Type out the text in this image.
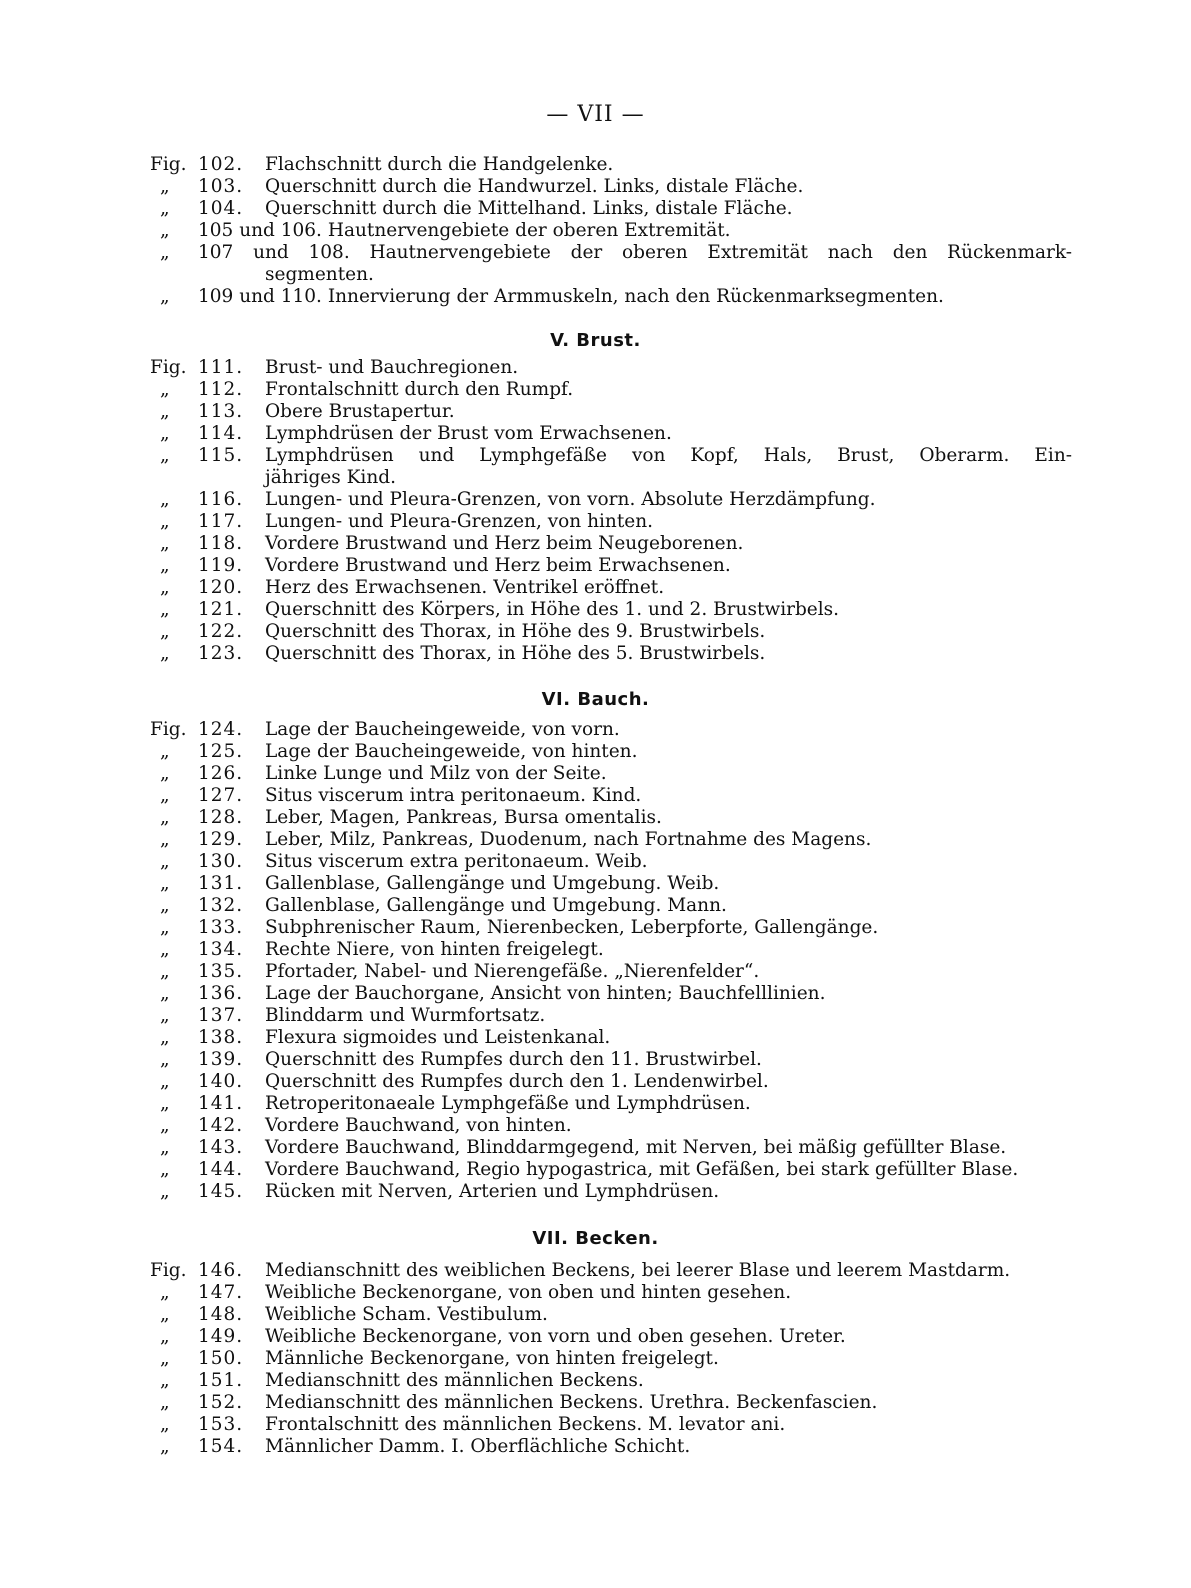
— VII —
Fig. 102. Flachschnitt durch die Handgelenke.
„	103. Querschnitt durch die Handwurzel. Links, distale Fläche.
„	104. Querschnitt durch die Mittelhand. Links, distale Fläche.
„	105 und 106. Hautnervengebiete der oberen Extremität.
„	107 und 108. Hautnervengebiete der oberen Extremität nach den Rückenmark-
segmenten.
„	109 und 110. Innervierung der Armmuskeln, nach den Rückenmarksegmenten.
Fig. 111. Brust- und Bauchregionen.
„	112. Frontalschnitt durch den Rumpf.
„	113. Obere Brustapertur.
„	114. Lymphdrüsen der Brust vom Erwachsenen.
„	115. Lymphdrüsen und Lymphgefäße von Kopf, Hals, Brust, Oberarm. Ein-
jähriges Kind.
„	116. Lungen- und Pleura-Grenzen, von vorn. Absolute Herzdämpfung.
„	117. Lungen- und Pleura-Grenzen, von hinten.
„	118. Vordere Brustwand und Herz beim Neugeborenen.
„	119. Vordere Brustwand und Herz beim Erwachsenen.
„	120. Herz des Erwachsenen. Ventrikel eröffnet.
„	121. Querschnitt des Körpers, in Höhe des 1. und 2. Brustwirbels.
„	122. Querschnitt des Thorax, in Höhe des 9. Brustwirbels.
„	123. Querschnitt des Thorax, in Höhe des 5. Brustwirbels.
Fig. 124. Lage der Baucheingeweide, von vorn.
„	125. Lage der Baucheingeweide, von hinten.
„	126. Linke Lunge und Milz von der Seite.
„	127. Situs viscerum intra peritonaeum. Kind.
„	128. Leber, Magen, Pankreas, Bursa omentalis.
„	129. Leber, Milz, Pankreas, Duodenum, nach Fortnahme des Magens.
„	130. Situs viscerum extra peritonaeum. Weib.
„	131. Gallenblase, Gallengänge und Umgebung. Weib.
„	132. Gallenblase, Gallengänge und Umgebung. Mann.
„	133. Subphrenischer Raum, Nierenbecken, Leberpforte, Gallengänge.
„	134. Rechte Niere, von hinten freigelegt.
„	135. Pfortader, Nabel- und Nierengefäße. „Nierenfelder“.
„	136. Lage der Bauchorgane, Ansicht von hinten; Bauchfelllinien.
„	137. Blinddarm und Wurmfortsatz.
„	138. Flexura sigmoides und Leistenkanal.
„	139. Querschnitt des Rumpfes durch den 11. Brustwirbel.
„	140. Querschnitt des Rumpfes durch den 1. Lendenwirbel.
„	141. Retroperitonaeale Lymphgefäße und Lymphdrüsen.
„	142. Vordere Bauchwand, von hinten.
„	143. Vordere Bauchwand, Blinddarmgegend, mit Nerven, bei mäßig gefüllter Blase.
„	144. Vordere Bauchwand, Regio hypogastrica, mit Gefäßen, bei stark gefüllter Blase.
„	145. Rücken mit Nerven, Arterien und Lymphdrüsen.
Fig. 146. Medianschnitt des weiblichen Beckens, bei leerer Blase und leerem Mastdarm.
„	147. Weibliche Beckenorgane, von oben und hinten gesehen.
„	148. Weibliche Scham. Vestibulum.
„	149. Weibliche Beckenorgane, von vorn und oben gesehen. Ureter.
„	150. Männliche Beckenorgane, von hinten freigelegt.
„	151. Medianschnitt des männlichen Beckens.
„	152. Medianschnitt des männlichen Beckens. Urethra. Beckenfascien.
„	153. Frontalschnitt des männlichen Beckens. M. levator ani.
„	154. Männlicher Damm. I. Oberflächliche Schicht.
V. Brust.
VI. Bauch.
VII. Becken.
